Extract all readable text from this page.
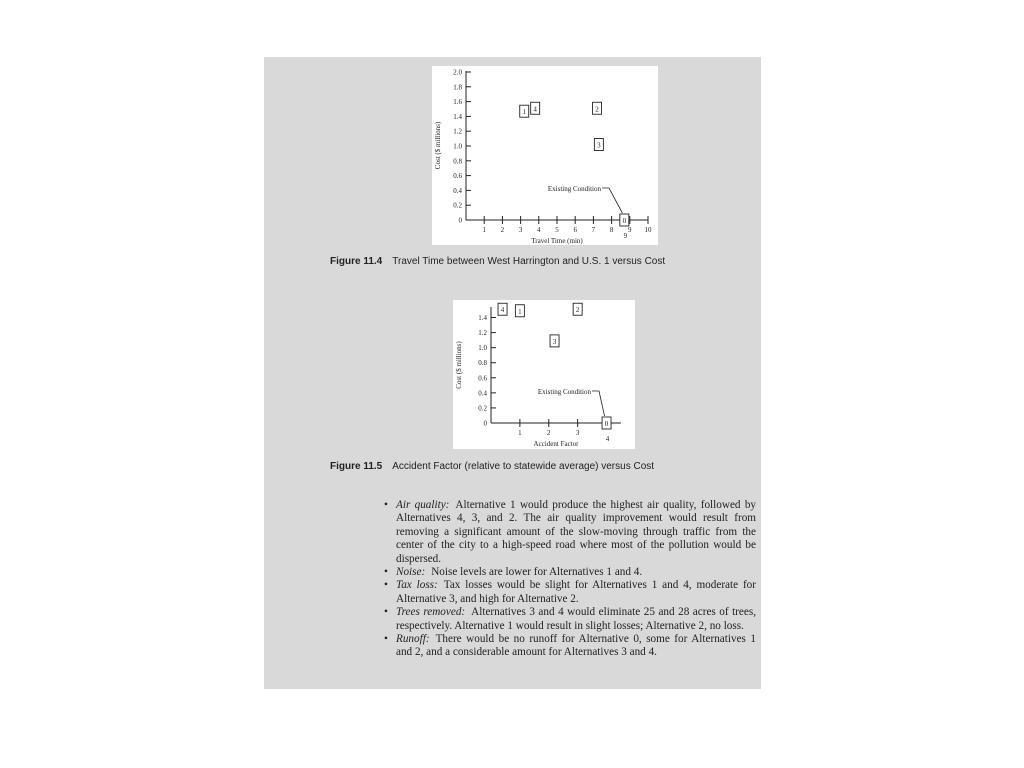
0
0.2
0.4
0.6
0.8
1.0
1.2
1.4
1.6
1.8
2.0
1 2 3 4 5 6 7 8 9 10
Travel Time (min)
Cost ($ millions)
1 4	2
3
0
9
Existing Condition
Figure 11.4 Travel Time between West Harrington and U.S. 1 versus Cost
0
0.2
0.4
0.6
0.8
1.0
1.2
1.4
1	2	3
Accident Factor
Cost ($ millions)
4 1	2
3
0
4
Existing Condition
Figure 11.5 Accident Factor (relative to statewide average) versus Cost
• Air quality: Alternative 1 would produce the highest air quality, followed by Alternatives 4, 3, and 2. The air quality improvement would result from removing a significant amount of the slow-moving through traffic from the center of the city to a high-speed road where most of the pollution would be dispersed.
• Noise: Noise levels are lower for Alternatives 1 and 4.
• Tax loss: Tax losses would be slight for Alternatives 1 and 4, moderate for Alternative 3, and high for Alternative 2.
• Trees removed: Alternatives 3 and 4 would eliminate 25 and 28 acres of trees, respectively. Alternative 1 would result in slight losses; Alternative 2, no loss.
• Runoff: There would be no runoff for Alternative 0, some for Alternatives 1 and 2, and a considerable amount for Alternatives 3 and 4.
